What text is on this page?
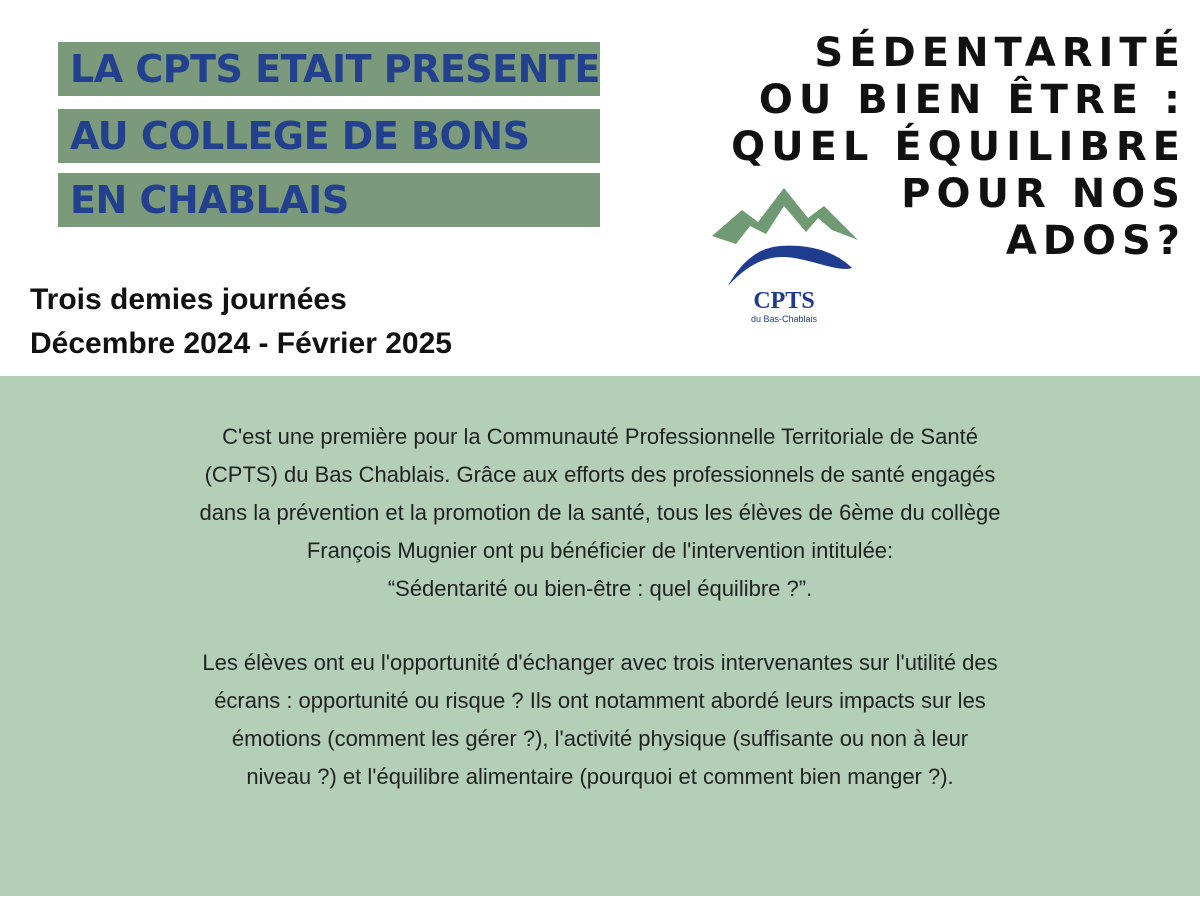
LA CPTS ETAIT PRESENTE
AU COLLEGE DE BONS
EN CHABLAIS
SÉDENTARITÉ
OU BIEN ÊTRE :
QUEL ÉQUILIBRE
POUR NOS
ADOS?
CPTS
du Bas-Chablais
Trois demies journées
Décembre 2024 - Février 2025
C'est une première pour la Communauté Professionnelle Territoriale de Santé
(CPTS) du Bas Chablais. Grâce aux efforts des professionnels de santé engagés
dans la prévention et la promotion de la santé, tous les élèves de 6ème du collège
François Mugnier ont pu bénéficier de l'intervention intitulée:
“Sédentarité ou bien-être : quel équilibre ?”.
Les élèves ont eu l'opportunité d'échanger avec trois intervenantes sur l'utilité des
écrans : opportunité ou risque ? Ils ont notamment abordé leurs impacts sur les
émotions (comment les gérer ?), l'activité physique (suffisante ou non à leur
niveau ?) et l'équilibre alimentaire (pourquoi et comment bien manger ?).
